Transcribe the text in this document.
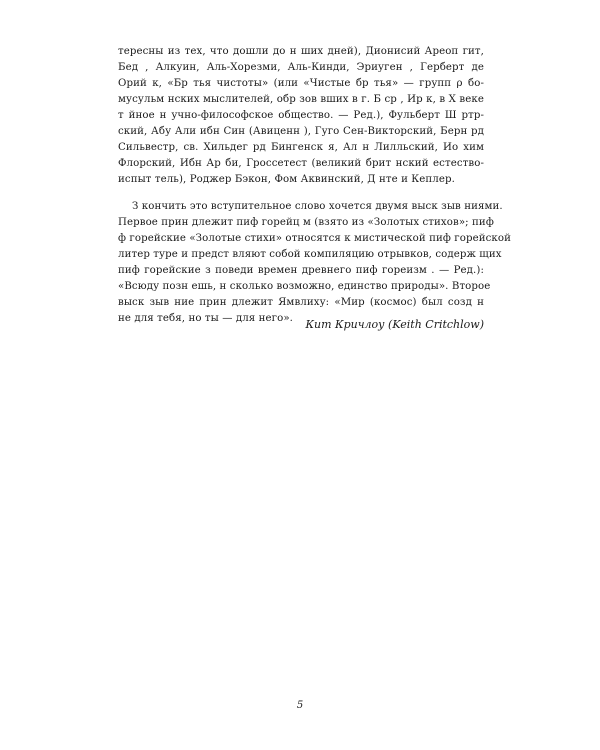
тересны из тех, что дошли до н ших дней), Дионисий Ареоп гит,
Бед , Алкуин, Аль-Хорезми, Аль-Кинди, Эриуген , Герберт де
Орий к, «Бр тья чистоты» (или «Чистые бр тья» — групп ρ бо-
мусульм нских мыслителей, обр зов вших в г. Б ср , Ир к, в X веке
т йное н учно-философское общество. — Ρед.), Фульберт Ш ртр-
ский, Абу Али ибн Син (Авиценн ), Гуго Сен-Викторский, Берн рд
Сильвестр, св. Хильдег рд Бингенск я, Ал н Лилльский, Ио хим
Флорский, Ибн Ар би, Гроссетест (великий брит нский естество-
испыт тель), Роджер Бэкон, Фом Аквинский, Д нте и Кеплер.
З кончить это вступительное слово хочется двумя выск зыв ниями.
Первое прин длежит пиф горейц м (взято из «Золотых стихов»; пиф
ф горейские «Золотые стихи» относятся к мистической пиф горейской
литер туре и предст вляют собой компиляцию отрывков, содерж щих
пиф горейские з поведи времен древнего пиф гореизм . — Ρед.):
«Всюду позн ешь, н сколько возможно, единство природы». Второе
выск зыв ние прин длежит Ямвлиху: «Мир (космос) был созд н
не для тебя, но ты — для него».	Кит Кричлоу (Keith Critchlow)
5
